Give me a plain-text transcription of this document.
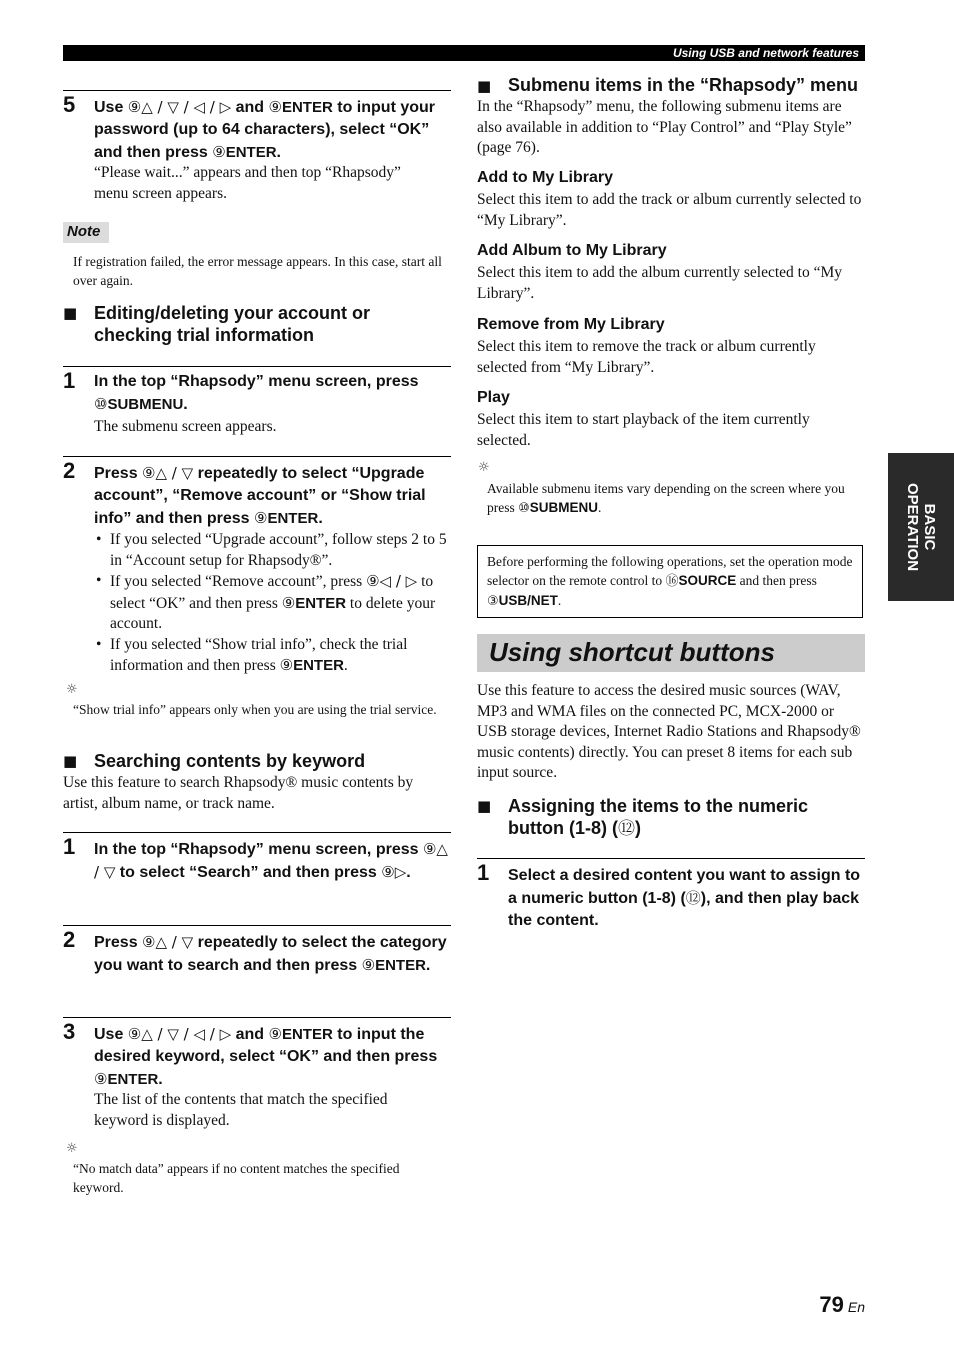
Using USB and network features
5 Use ⑨△ / ▽ / ◁ / ▷ and ⑨ENTER to input your password (up to 64 characters), select “OK” and then press ⑨ENTER.
“Please wait...” appears and then top “Rhapsody” menu screen appears.
Note
If registration failed, the error message appears. In this case, start all over again.
■ Editing/deleting your account or checking trial information
1 In the top “Rhapsody” menu screen, press ⑩SUBMENU.
The submenu screen appears.
2 Press ⑨△ / ▽ repeatedly to select “Upgrade account”, “Remove account” or “Show trial info” and then press ⑨ENTER.
• If you selected “Upgrade account”, follow steps 2 to 5 in “Account setup for Rhapsody®”.
• If you selected “Remove account”, press ⑨◁ / ▷ to select “OK” and then press ⑨ENTER to delete your account.
• If you selected “Show trial info”, check the trial information and then press ⑨ENTER.
☼
“Show trial info” appears only when you are using the trial service.
■ Searching contents by keyword
Use this feature to search Rhapsody® music contents by artist, album name, or track name.
1 In the top “Rhapsody” menu screen, press ⑨△ / ▽ to select “Search” and then press ⑨▷.
2 Press ⑨△ / ▽ repeatedly to select the category you want to search and then press ⑨ENTER.
3 Use ⑨△ / ▽ / ◁ / ▷ and ⑨ENTER to input the desired keyword, select “OK” and then press ⑨ENTER.
The list of the contents that match the specified keyword is displayed.
☼
“No match data” appears if no content matches the specified keyword.
■ Submenu items in the “Rhapsody” menu
In the “Rhapsody” menu, the following submenu items are also available in addition to “Play Control” and “Play Style” (page 76).
Add to My Library
Select this item to add the track or album currently selected to “My Library”.
Add Album to My Library
Select this item to add the album currently selected to “My Library”.
Remove from My Library
Select this item to remove the track or album currently selected from “My Library”.
Play
Select this item to start playback of the item currently selected.
☼
Available submenu items vary depending on the screen where you press ⑩SUBMENU.
Before performing the following operations, set the operation mode selector on the remote control to ⑯SOURCE and then press ③USB/NET.
Using shortcut buttons
Use this feature to access the desired music sources (WAV, MP3 and WMA files on the connected PC, MCX-2000 or USB storage devices, Internet Radio Stations and Rhapsody® music contents) directly. You can preset 8 items for each sub input source.
■ Assigning the items to the numeric button (1-8) (⑫)
1 Select a desired content you want to assign to a numeric button (1-8) (⑫), and then play back the content.
BASIC
OPERATION
79 En
